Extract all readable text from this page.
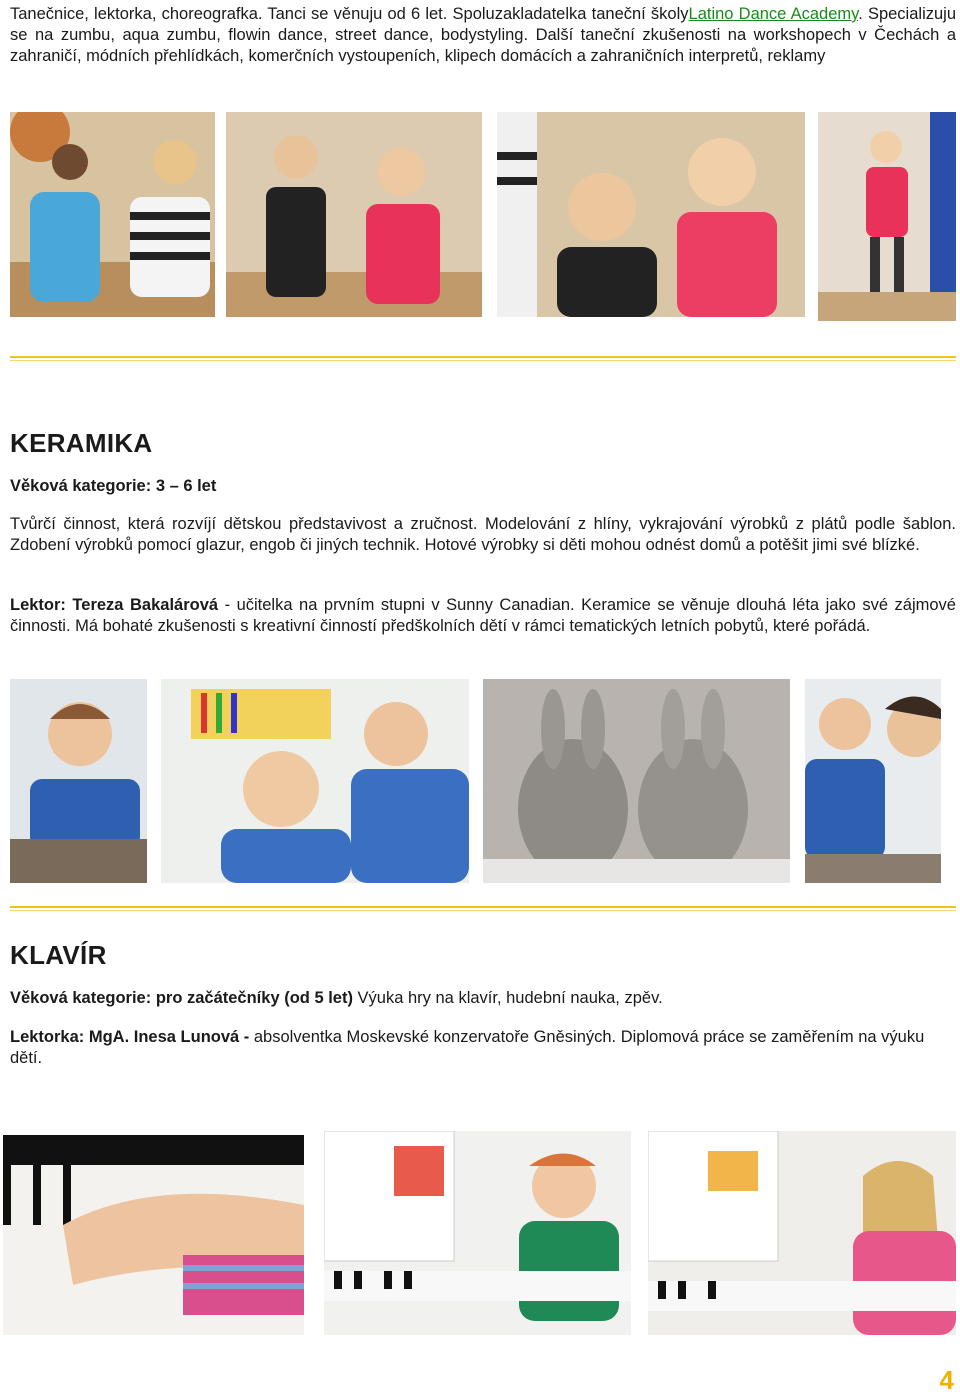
Tanečnice, lektorka, choreografka. Tanci se věnuju od 6 let. Spoluzakladatelka taneční školyLatino Dance Academy. Specializuju se na zumbu, aqua zumbu, flowin dance, street dance, bodystyling. Další taneční zkušenosti na workshopech v Čechách a zahraničí, módních přehlídkách, komerčních vystoupeních, klipech domácích a zahraničních interpretů, reklamy
KERAMIKA
Věková kategorie: 3 – 6 let
Tvůrčí činnost, která rozvíjí dětskou představivost a zručnost. Modelování z hlíny, vykrajování výrobků z plátů podle šablon. Zdobení výrobků pomocí glazur, engob či jiných technik. Hotové výrobky si děti mohou odnést domů a potěšit jimi své blízké.
Lektor: Tereza Bakalárová - učitelka na prvním stupni v Sunny Canadian. Keramice se věnuje dlouhá léta jako své zájmové činnosti. Má bohaté zkušenosti s kreativní činností předškolních dětí v rámci tematických letních pobytů, které pořádá.
KLAVÍR
Věková kategorie: pro začátečníky (od 5 let) Výuka hry na klavír, hudební nauka, zpěv.
Lektorka: MgA. Inesa Lunová - absolventka Moskevské konzervatoře Gněsiných. Diplomová práce se zaměřením na výuku dětí.
4
